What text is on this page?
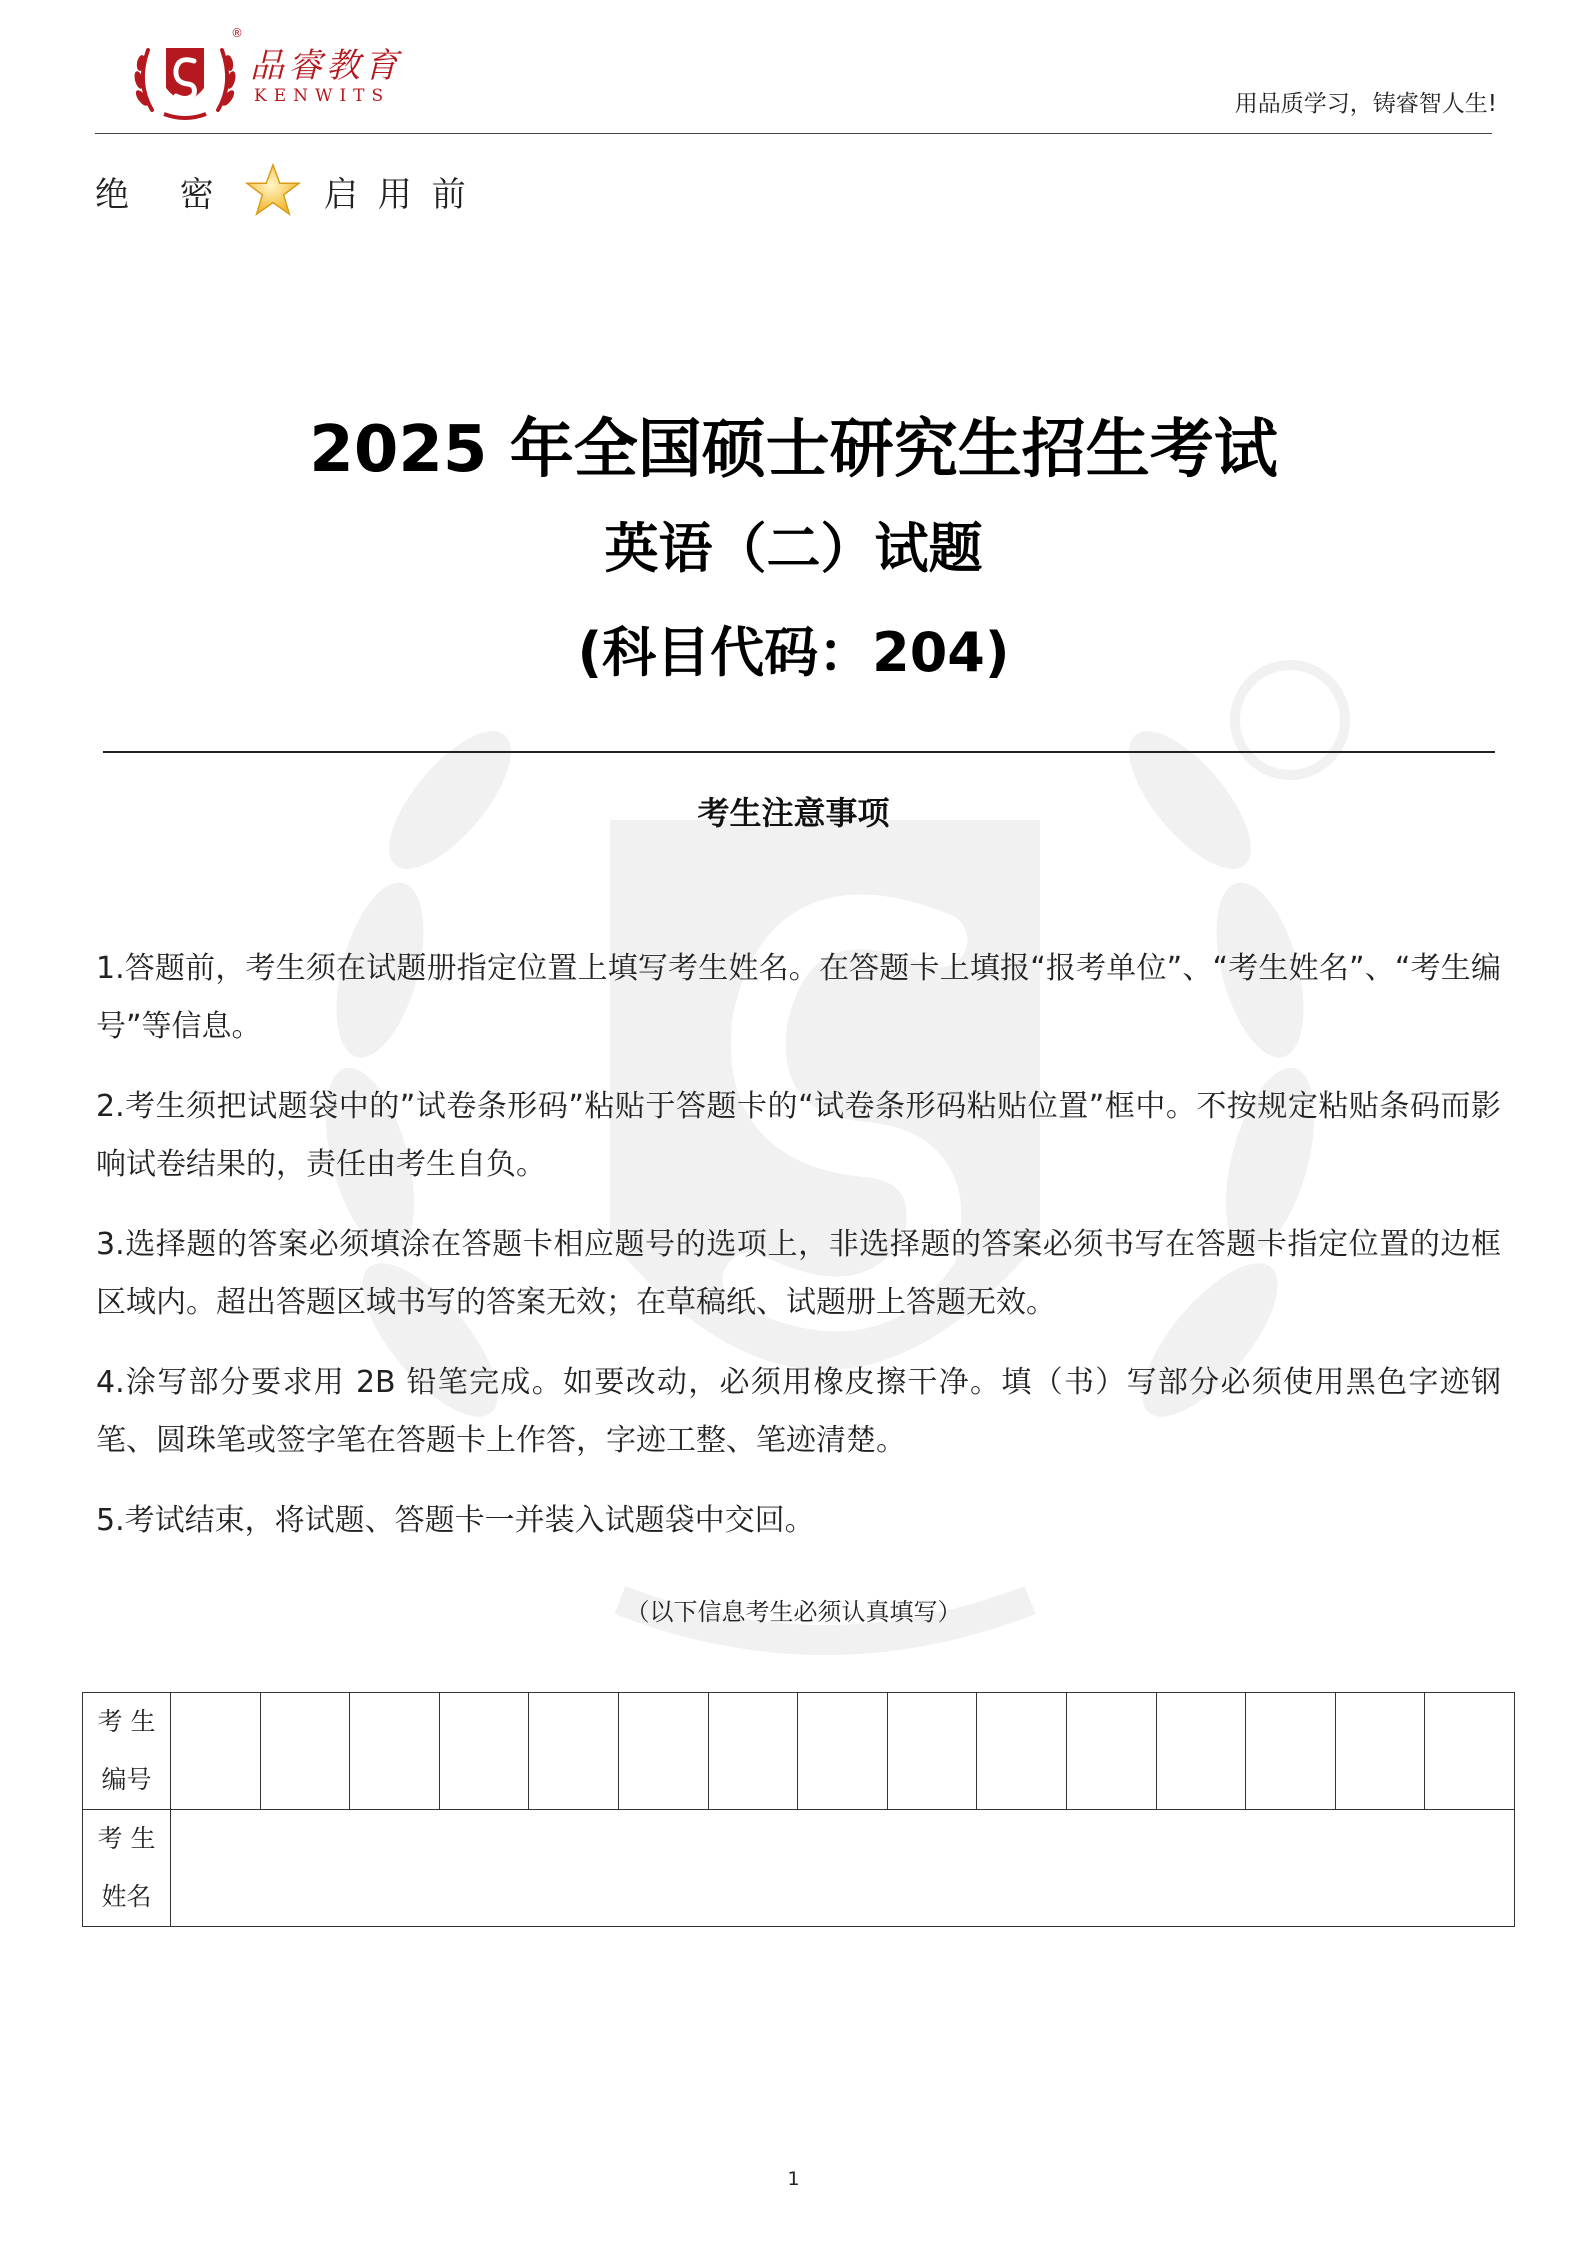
®
品睿教育
KENWITS	用品质学习，铸睿智人生!
绝 密	启用前
2025 年全国硕士研究生招生考试
英语（二）试题
(科目代码：204)
考生注意事项

1.答题前，考生须在试题册指定位置上填写考生姓名。在答题卡上填报“报考单位”、“考生姓名”、“考生编号”等信息。

2.考生须把试题袋中的”试卷条形码”粘贴于答题卡的“试卷条形码粘贴位置”框中。不按规定粘贴条码而影响试卷结果的，责任由考生自负。

3.选择题的答案必须填涂在答题卡相应题号的选项上，非选择题的答案必须书写在答题卡指定位置的边框区域内。超出答题区域书写的答案无效；在草稿纸、试题册上答题无效。

4.涂写部分要求用 2B 铅笔完成。如要改动，必须用橡皮擦干净。填（书）写部分必须使用黑色字迹钢笔、圆珠笔或签字笔在答题卡上作答，字迹工整、笔迹清楚。

5.考试结束，将试题、答题卡一并装入试题袋中交回。

（以下信息考生必须认真填写）
考 生
编号															

考 生
姓名															

1
